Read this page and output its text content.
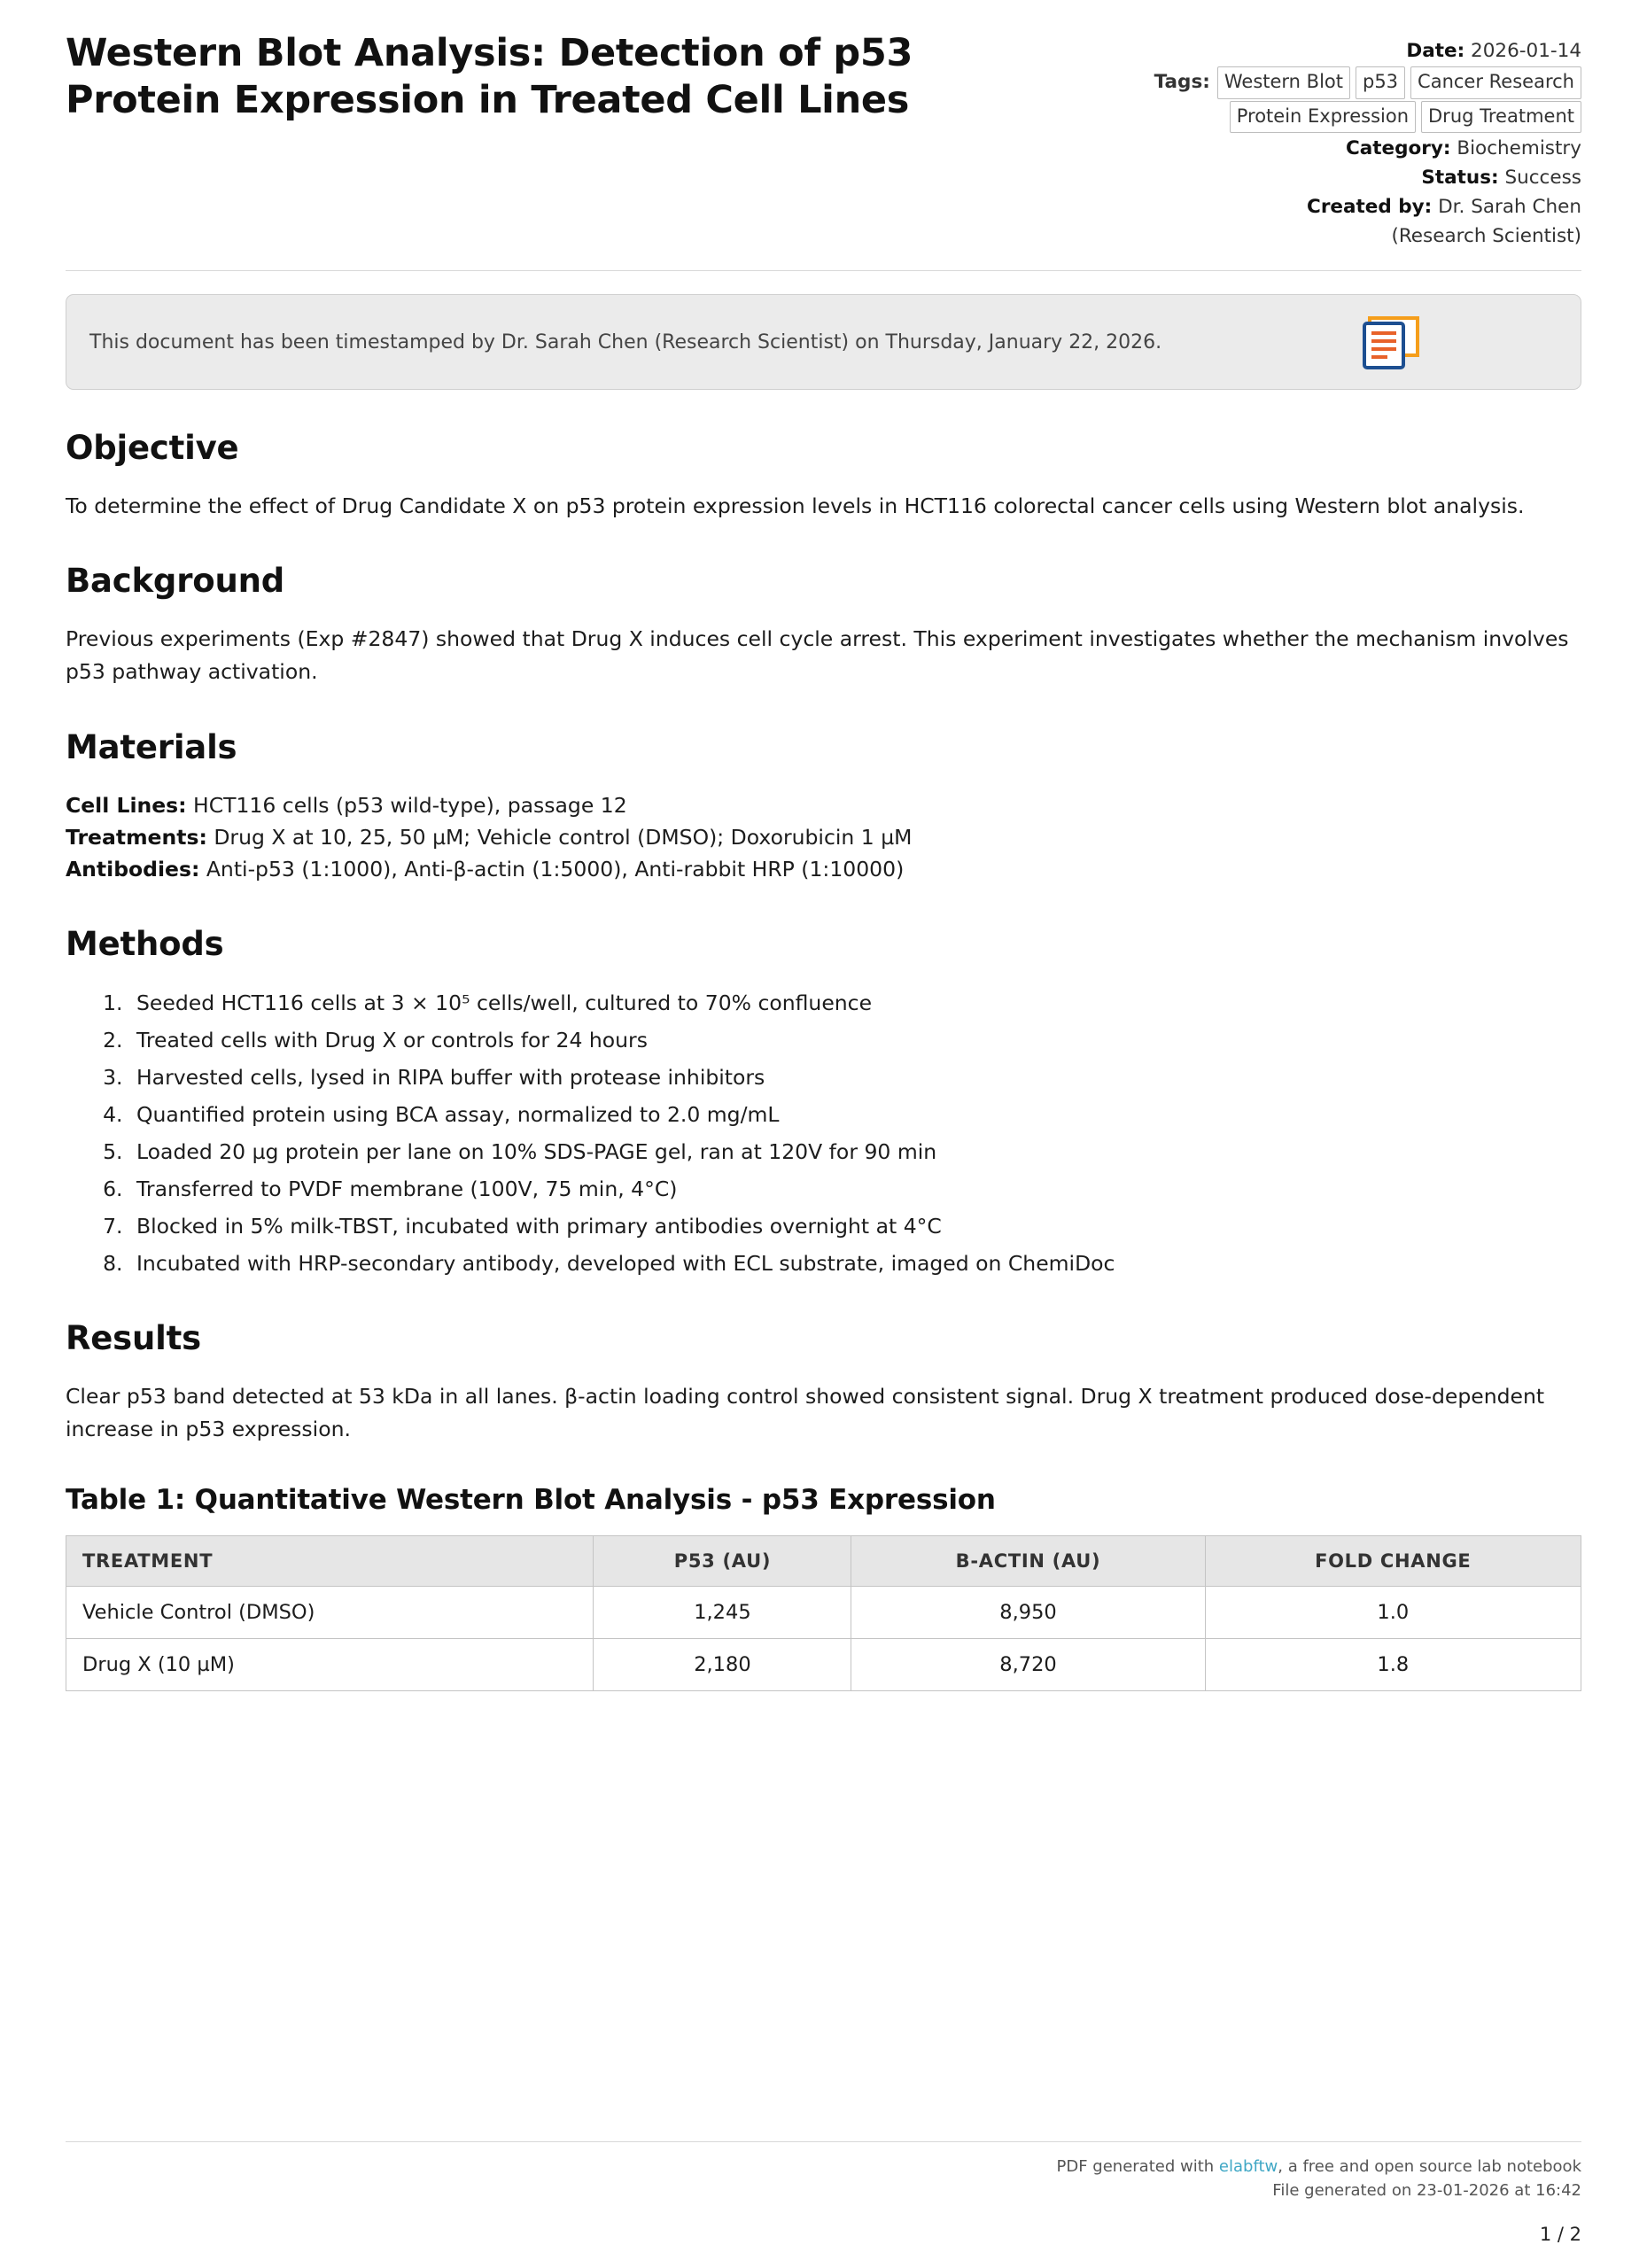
Western Blot Analysis: Detection of p53 Protein Expression in Treated Cell Lines
Date: 2026-01-14
Tags: Western Blot	p53	Cancer Research
Protein Expression	Drug Treatment
Category: Biochemistry
Status: Success
Created by: Dr. Sarah Chen
(Research Scientist)
This document has been timestamped by Dr. Sarah Chen (Research Scientist) on Thursday, January 22, 2026.
Objective

To determine the effect of Drug Candidate X on p53 protein expression levels in HCT116 colorectal cancer cells using Western blot analysis.

Background

Previous experiments (Exp #2847) showed that Drug X induces cell cycle arrest. This experiment investigates whether the mechanism involves p53 pathway activation.

Materials

Cell Lines: HCT116 cells (p53 wild-type), passage 12

Treatments: Drug X at 10, 25, 50 µM; Vehicle control (DMSO); Doxorubicin 1 µM

Antibodies: Anti-p53 (1:1000), Anti-β-actin (1:5000), Anti-rabbit HRP (1:10000)

Methods
1. Seeded HCT116 cells at 3 × 10⁵ cells/well, cultured to 70% confluence
2. Treated cells with Drug X or controls for 24 hours
3. Harvested cells, lysed in RIPA buffer with protease inhibitors
4. Quantified protein using BCA assay, normalized to 2.0 mg/mL
5. Loaded 20 µg protein per lane on 10% SDS-PAGE gel, ran at 120V for 90 min
6. Transferred to PVDF membrane (100V, 75 min, 4°C)
7. Blocked in 5% milk-TBST, incubated with primary antibodies overnight at 4°C
8. Incubated with HRP-secondary antibody, developed with ECL substrate, imaged on ChemiDoc
Results

Clear p53 band detected at 53 kDa in all lanes. β-actin loading control showed consistent signal. Drug X treatment produced dose-dependent increase in p53 expression.

Table 1: Quantitative Western Blot Analysis - p53 Expression
TREATMENT	P53 (AU)	B-ACTIN (AU)	FOLD CHANGE
Vehicle Control (DMSO)	1,245	8,950	1.0
Drug X (10 µM)	2,180	8,720	1.8
PDF generated with elabftw, a free and open source lab notebook
File generated on 23-01-2026 at 16:42
1 / 2
